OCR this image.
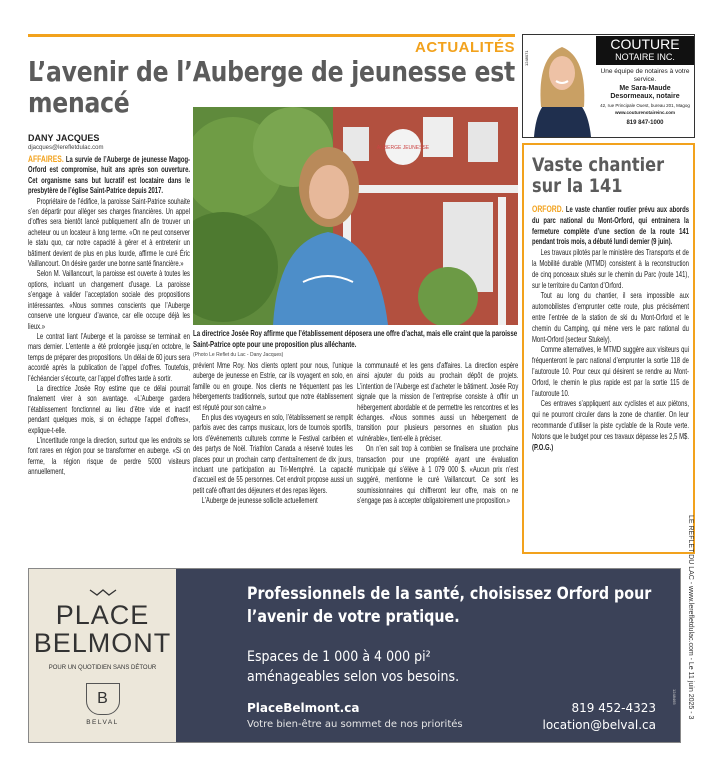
ACTUALITÉS
L’avenir de l’Auberge de jeunesse est menacé
DANY JACQUES
djacques@lerefletdulac.com

AFFAIRES. La survie de l’Auberge de jeunesse Magog-Orford est compromise, huit ans après son ouverture. Cet organisme sans but lucratif est locataire dans le presbytère de l’église Saint-Patrice depuis 2017.

Propriétaire de l’édifice, la paroisse Saint-Patrice souhaite s’en départir pour alléger ses charges financières. Un appel d’offres sera bientôt lancé publiquement afin de trouver un acheteur ou un locateur à long terme. «On ne peut conserver le statu quo, car notre capacité à gérer et à entretenir un bâtiment devient de plus en plus lourde, affirme le curé Éric Vaillancourt. On désire garder une bonne santé financière.»

Selon M. Vaillancourt, la paroisse est ouverte à toutes les options, incluant un changement d’usage. La paroisse s’engage à valider l’acceptation sociale des propositions intéressantes. «Nous sommes conscients que l’Auberge conserve une longueur d’avance, car elle occupe déjà les lieux.»

Le contrat liant l’Auberge et la paroisse se terminait en mars dernier. L’entente a été prolongée jusqu’en octobre, le temps de préparer des propositions. Un délai de 60 jours sera accordé après la publication de l’appel d’offres. Toutefois, l’échéancier s’écourte, car l’appel d’offres tarde à sortir.

La directrice Josée Roy estime que ce délai pourrait finalement virer à son avantage. «L’Auberge gardera l’établissement fonctionnel au lieu d’être vide et inactif pendant quelques mois, si on échappe l’appel d’offres», explique-t-elle.

L’incertitude ronge la direction, surtout que les endroits se font rares en région pour se transformer en auberge. «Si on ferme, la région risque de perdre 5000 visiteurs annuellement,

AUBERGE JEUNESSE
La directrice Josée Roy affirme que l’établissement déposera une offre d’achat, mais elle craint que la paroisse Saint-Patrice opte pour une proposition plus alléchante.
(Photo Le Reflet du Lac - Dany Jacques)

prévient Mme Roy. Nos clients optent pour nous, l’unique auberge de jeunesse en Estrie, car ils voyagent en solo, en famille ou en groupe. Nos clients ne fréquentent pas les hébergements traditionnels, surtout que notre établissement est réputé pour son calme.»

En plus des voyageurs en solo, l’établissement se remplit parfois avec des camps musicaux, lors de tournois sportifs, lors d’événements culturels comme le Festival caribéen et des partys de Noël. Triathlon Canada a réservé toutes les places pour un prochain camp d’entraînement de dix jours, incluant une participation au Tri-Memphré. La capacité d’accueil est de 55 personnes. Cet endroit propose aussi un petit café offrant des déjeuners et des repas légers.

L’Auberge de jeunesse sollicite actuellement

la communauté et les gens d’affaires. La direction espère ainsi ajouter du poids au prochain dépôt de projets. L’intention de l’Auberge est d’acheter le bâtiment. Josée Roy signale que la mission de l’entreprise consiste à offrir un hébergement abordable et de permettre les rencontres et les échanges. «Nous sommes aussi un hébergement de transition pour plusieurs personnes en situation plus vulnérable», tient-elle à préciser.

On n’en sait trop à combien se finalisera une prochaine transaction pour une propriété ayant une évaluation municipale qui s’élève à 1 079 000 $. «Aucun prix n’est suggéré, mentionne le curé Vaillancourt. Ce sont les soumissionnaires qui chiffreront leur offre, mais on ne s’engage pas à accepter obligatoirement une proposition.»

1248071
COUTURE
NOTAIRE INC.
Une équipe de notaires à votre service.
Me Sara-Maude Desormeaux, notaire
42, rue Principale Ouest, bureau 201, Magog
www.couturenotaireinc.com
819 847-1000
Vaste chantier sur la 141

ORFORD. Le vaste chantier routier prévu aux abords du parc national du Mont-Orford, qui entrainera la fermeture complète d’une section de la route 141 pendant trois mois, a débuté lundi dernier (9 juin).

Les travaux pilotés par le ministère des Transports et de la Mobilité durable (MTMD) consistent à la reconstruction de cinq ponceaux situés sur le chemin du Parc (route 141), sur le territoire du Canton d’Orford.

Tout au long du chantier, il sera impossible aux automobilistes d’emprunter cette route, plus précisément entre l’entrée de la station de ski du Mont-Orford et le chemin du Camping, qui mène vers le parc national du Mont-Orford (secteur Stukely).

Comme alternatives, le MTMD suggère aux visiteurs qui fréquenteront le parc national d’emprunter la sortie 118 de l’autoroute 10. Pour ceux qui désirent se rendre au Mont-Orford, le chemin le plus rapide est par la sortie 115 de l’autoroute 10.

Ces entraves s’appliquent aux cyclistes et aux piétons, qui ne pourront circuler dans la zone de chantier. On leur recommande d’utiliser la piste cyclable de la Route verte. Notons que le budget pour ces travaux dépasse les 2,5 M$. (P.O.G.)

PLACE
BELMONT
POUR UN QUOTIDIEN SANS DÉTOUR
B
BELVAL
Professionnels de la santé, choisissez Orford pour l’avenir de votre pratique.
Espaces de 1 000 à 4 000 pi²
aménageables selon vos besoins.
PlaceBelmont.ca
Votre bien-être au sommet de nos priorités
819 452-4323
location@belval.ca
1248465 LE REFLET DU LAC - www.lerefletdulac.com - Le 11 juin 2025 - 3
